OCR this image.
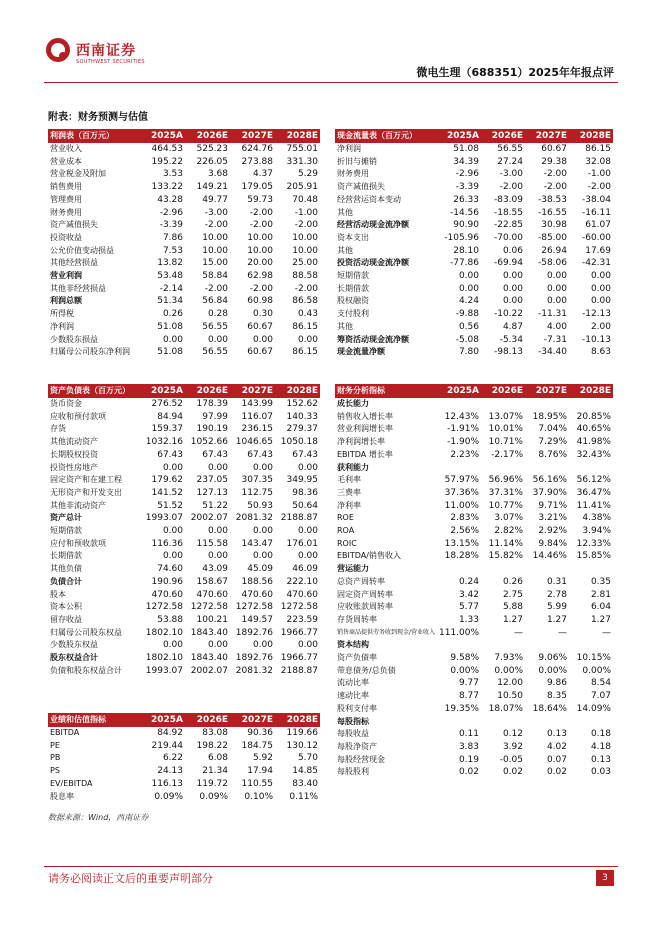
西南证券
SOUTHWEST SECURITIES
微电生理（688351）2025年年报点评
附表：财务预测与估值
利润表（百万元）	2025A	2026E	2027E	2028E
营业收入	464.53	525.23	624.76	755.01
营业成本	195.22	226.05	273.88	331.30
营业税金及附加	3.53	3.68	4.37	5.29
销售费用	133.22	149.21	179.05	205.91
管理费用	43.28	49.77	59.73	70.48
财务费用	-2.96	-3.00	-2.00	-1.00
资产减值损失	-3.39	-2.00	-2.00	-2.00
投资收益	7.86	10.00	10.00	10.00
公允价值变动损益	7.53	10.00	10.00	10.00
其他经营损益	13.82	15.00	20.00	25.00
营业利润	53.48	58.84	62.98	88.58
其他非经营损益	-2.14	-2.00	-2.00	-2.00
利润总额	51.34	56.84	60.98	86.58
所得税	0.26	0.28	0.30	0.43
净利润	51.08	56.55	60.67	86.15
少数股东损益	0.00	0.00	0.00	0.00
归属母公司股东净利润	51.08	56.55	60.67	86.15
资产负债表（百万元）	2025A	2026E	2027E	2028E
货币资金	276.52	178.39	143.99	152.62
应收和预付款项	84.94	97.99	116.07	140.33
存货	159.37	190.19	236.15	279.37
其他流动资产	1032.16	1052.66	1046.65	1050.18
长期股权投资	67.43	67.43	67.43	67.43
投资性房地产	0.00	0.00	0.00	0.00
固定资产和在建工程	179.62	237.05	307.35	349.95
无形资产和开发支出	141.52	127.13	112.75	98.36
其他非流动资产	51.52	51.22	50.93	50.64
资产总计	1993.07	2002.07	2081.32	2188.87
短期借款	0.00	0.00	0.00	0.00
应付和预收款项	116.36	115.58	143.47	176.01
长期借款	0.00	0.00	0.00	0.00
其他负债	74.60	43.09	45.09	46.09
负债合计	190.96	158.67	188.56	222.10
股本	470.60	470.60	470.60	470.60
资本公积	1272.58	1272.58	1272.58	1272.58
留存收益	53.88	100.21	149.57	223.59
归属母公司股东权益	1802.10	1843.40	1892.76	1966.77
少数股东权益	0.00	0.00	0.00	0.00
股东权益合计	1802.10	1843.40	1892.76	1966.77
负债和股东权益合计	1993.07	2002.07	2081.32	2188.87
业绩和估值指标	2025A	2026E	2027E	2028E
EBITDA	84.92	83.08	90.36	119.66
PE	219.44	198.22	184.75	130.12
PB	6.22	6.08	5.92	5.70
PS	24.13	21.34	17.94	14.85
EV/EBITDA	116.13	119.72	110.55	83.40
股息率	0.09%	0.09%	0.10%	0.11%
现金流量表（百万元）	2025A	2026E	2027E	2028E
净利润	51.08	56.55	60.67	86.15
折旧与摊销	34.39	27.24	29.38	32.08
财务费用	-2.96	-3.00	-2.00	-1.00
资产减值损失	-3.39	-2.00	-2.00	-2.00
经营营运资本变动	26.33	-83.09	-38.53	-38.04
其他	-14.56	-18.55	-16.55	-16.11
经营活动现金流净额	90.90	-22.85	30.98	61.07
资本支出	-105.96	-70.00	-85.00	-60.00
其他	28.10	0.06	26.94	17.69
投资活动现金流净额	-77.86	-69.94	-58.06	-42.31
短期借款	0.00	0.00	0.00	0.00
长期借款	0.00	0.00	0.00	0.00
股权融资	4.24	0.00	0.00	0.00
支付股利	-9.88	-10.22	-11.31	-12.13
其他	0.56	4.87	4.00	2.00
筹资活动现金流净额	-5.08	-5.34	-7.31	-10.13
现金流量净额	7.80	-98.13	-34.40	8.63
财务分析指标	2025A	2026E	2027E	2028E
成长能力				
销售收入增长率	12.43%	13.07%	18.95%	20.85%
营业利润增长率	-1.91%	10.01%	7.04%	40.65%
净利润增长率	-1.90%	10.71%	7.29%	41.98%
EBITDA 增长率	2.23%	-2.17%	8.76%	32.43%
获利能力				
毛利率	57.97%	56.96%	56.16%	56.12%
三费率	37.36%	37.31%	37.90%	36.47%
净利率	11.00%	10.77%	9.71%	11.41%
ROE	2.83%	3.07%	3.21%	4.38%
ROA	2.56%	2.82%	2.92%	3.94%
ROIC	13.15%	11.14%	9.84%	12.33%
EBITDA/销售收入	18.28%	15.82%	14.46%	15.85%
营运能力				
总资产周转率	0.24	0.26	0.31	0.35
固定资产周转率	3.42	2.75	2.78	2.81
应收账款周转率	5.77	5.88	5.99	6.04
存货周转率	1.33	1.27	1.27	1.27
销售商品提供劳务收到现金/营业收入	111.00%	—	—	—
资本结构				
资产负债率	9.58%	7.93%	9.06%	10.15%
带息债务/总负债	0.00%	0.00%	0.00%	0.00%
流动比率	9.77	12.00	9.86	8.54
速动比率	8.77	10.50	8.35	7.07
股利支付率	19.35%	18.07%	18.64%	14.09%
每股指标				
每股收益	0.11	0.12	0.13	0.18
每股净资产	3.83	3.92	4.02	4.18
每股经营现金	0.19	-0.05	0.07	0.13
每股股利	0.02	0.02	0.02	0.03
数据来源：Wind，西南证券
请务必阅读正文后的重要声明部分	3
